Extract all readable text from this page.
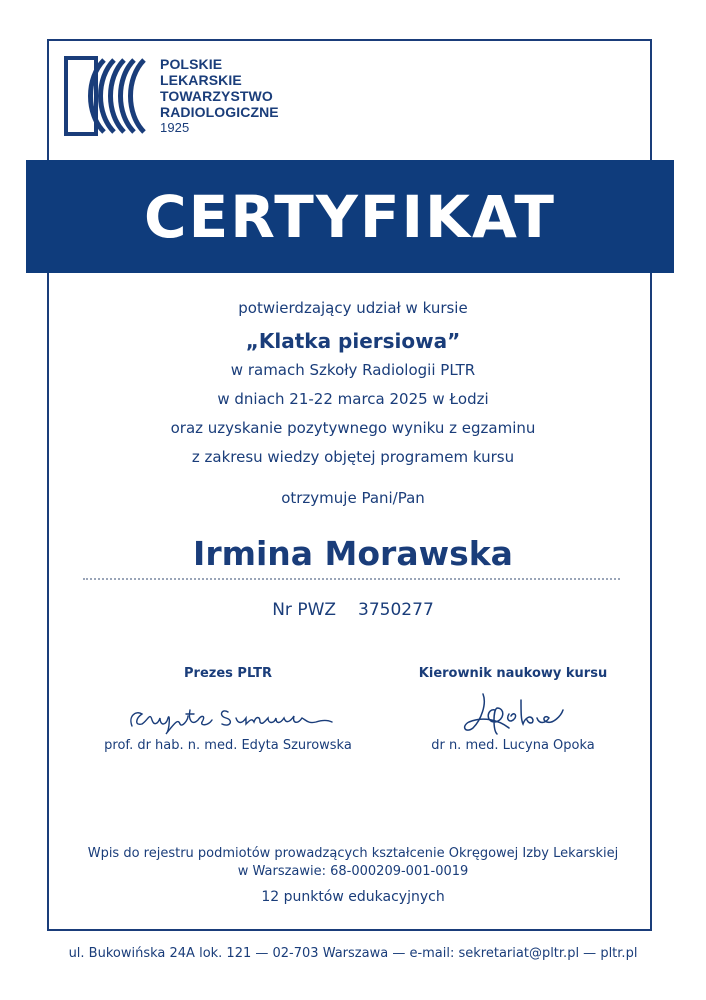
POLSKIE
LEKARSKIE
TOWARZYSTWO
RADIOLOGICZNE
1925
CERTYFIKAT
potwierdzający udział w kursie
„Klatka piersiowa”
w ramach Szkoły Radiologii PLTR
w dniach 21-22 marca 2025 w Łodzi
oraz uzyskanie pozytywnego wyniku z egzaminu
z zakresu wiedzy objętej programem kursu
otrzymuje Pani/Pan
Irmina Morawska
Nr PWZ 3750277
Prezes PLTR
prof. dr hab. n. med. Edyta Szurowska
Kierownik naukowy kursu
dr n. med. Lucyna Opoka
Wpis do rejestru podmiotów prowadzących kształcenie Okręgowej Izby Lekarskiej
w Warszawie: 68-000209-001-0019
12 punktów edukacyjnych
ul. Bukowińska 24A lok. 121 — 02-703 Warszawa — e-mail: sekretariat@pltr.pl — pltr.pl
